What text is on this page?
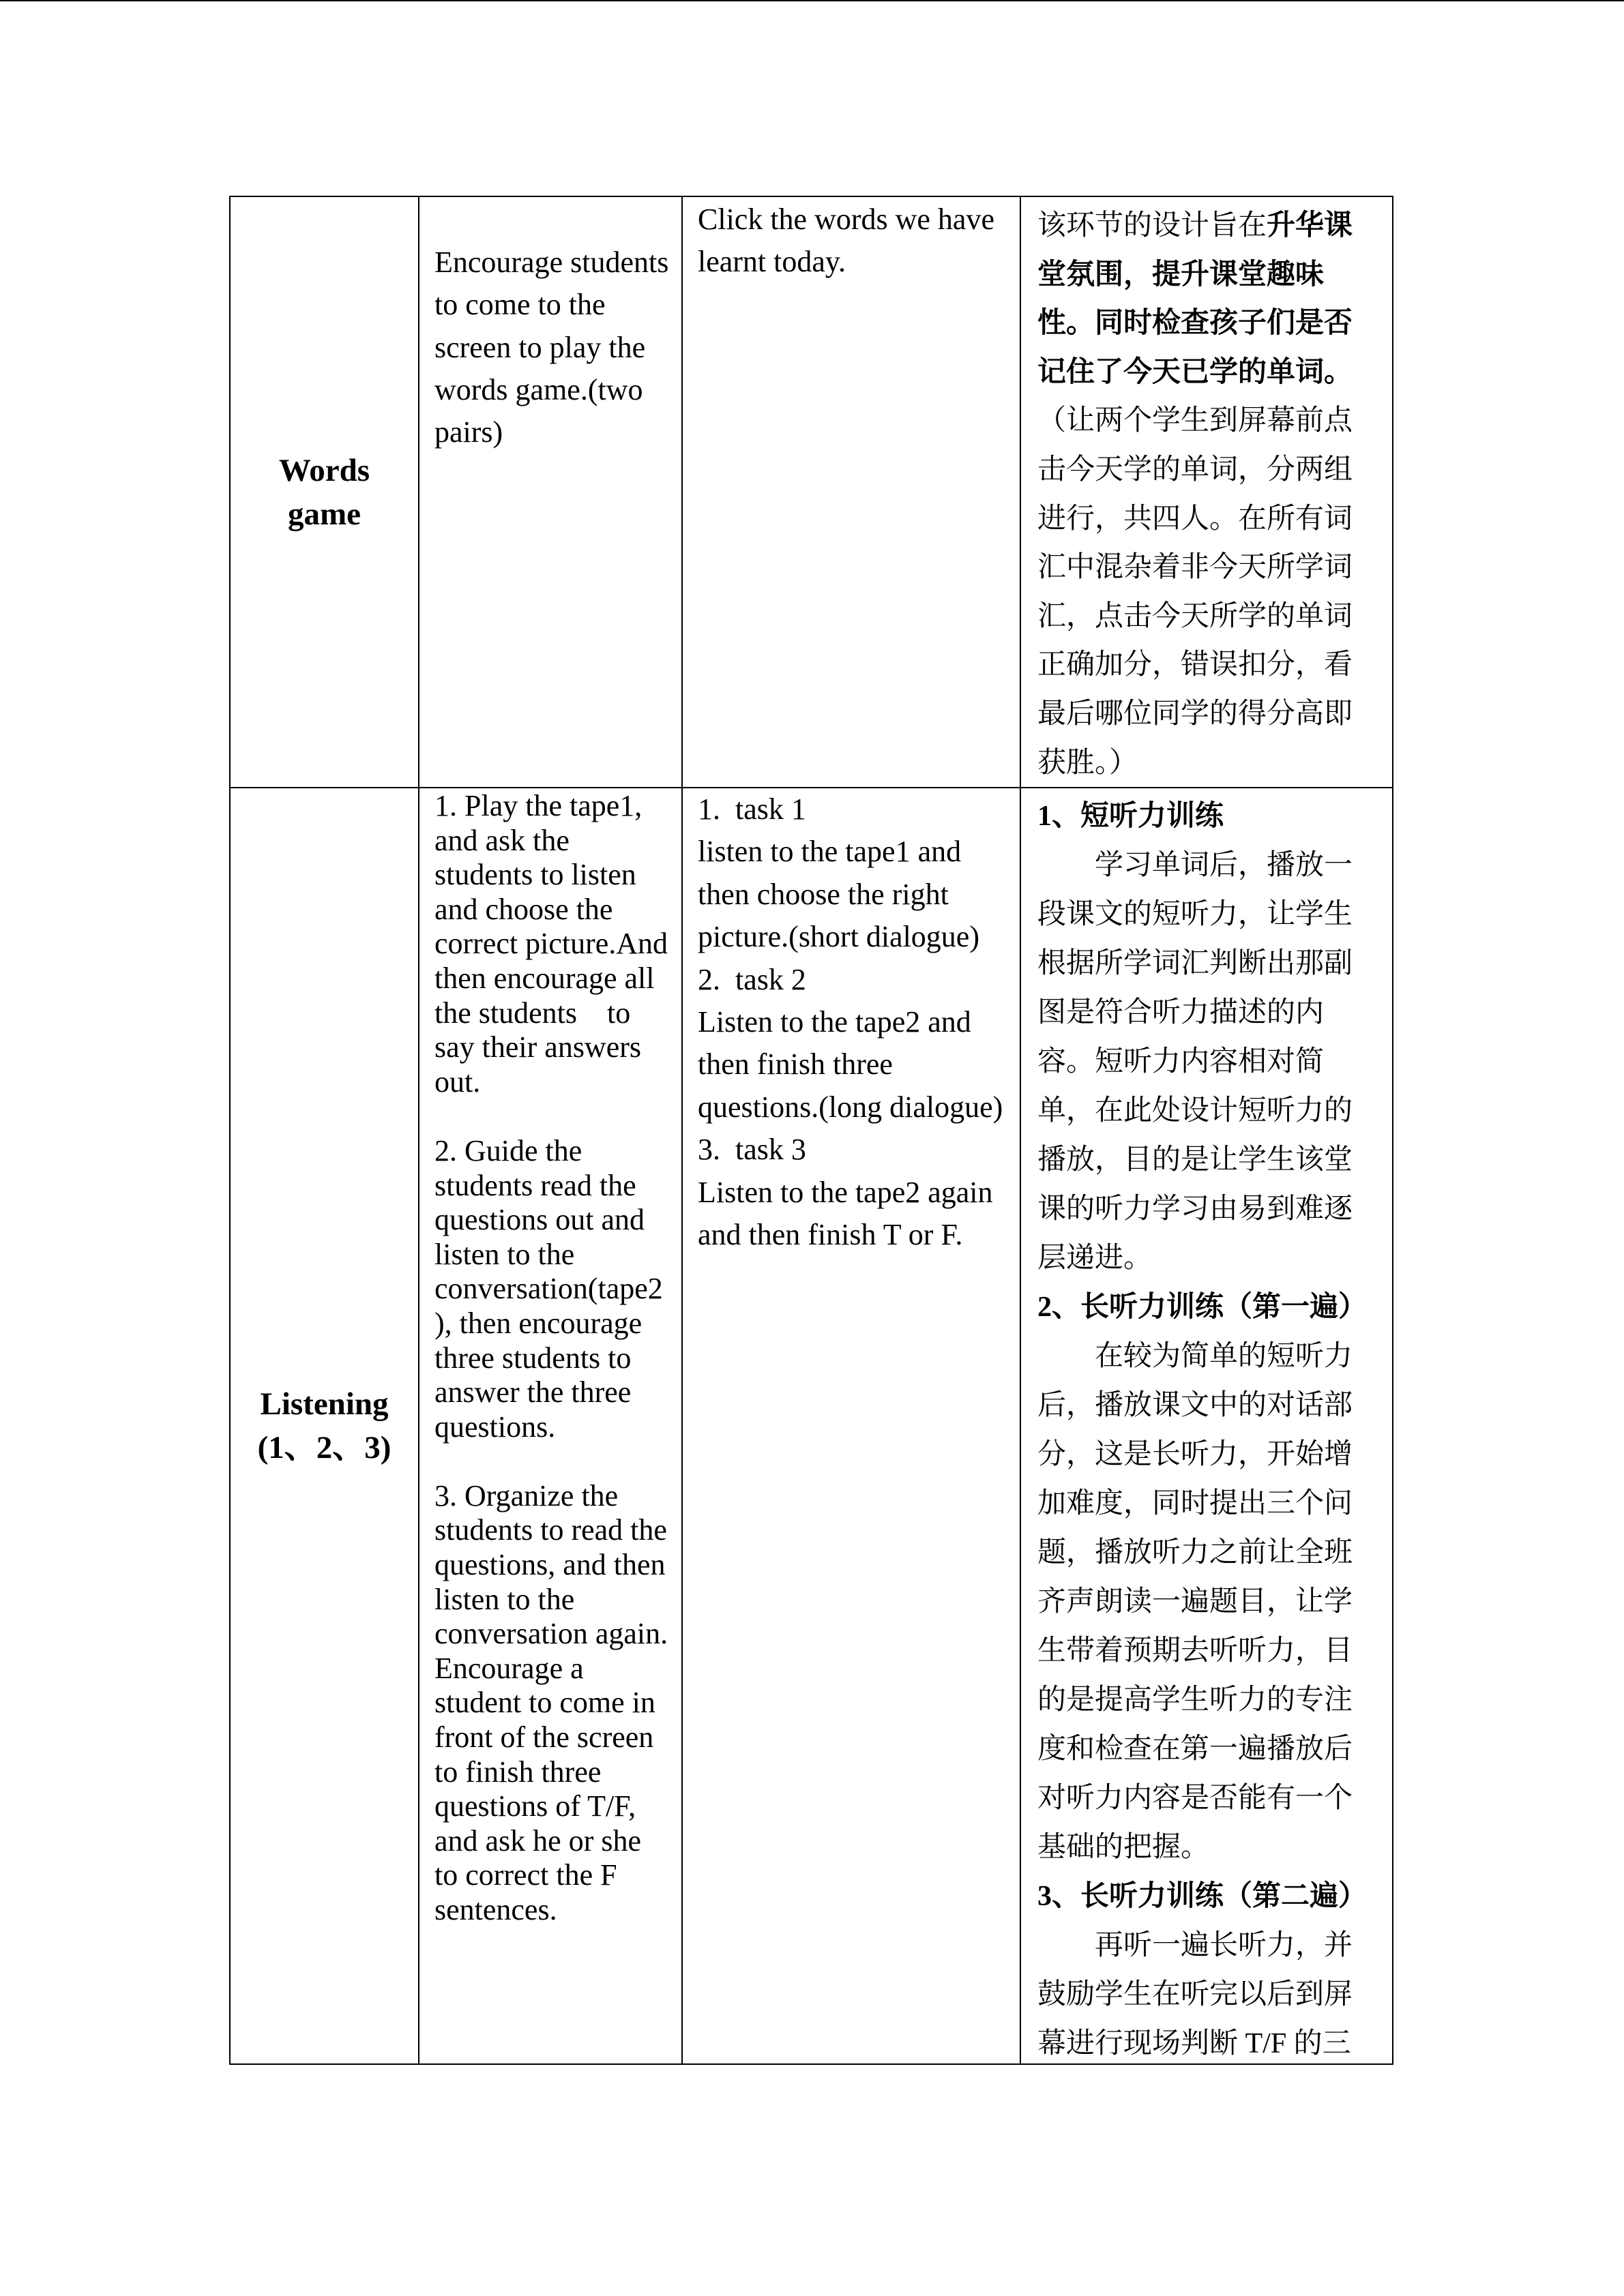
Words
game
Encourage students
to come to the
screen to play the
words game.(two
pairs)
Click the words we have
learnt today.
该环节的设计旨在升华课
堂氛围，提升课堂趣味
性。同时检查孩子们是否
记住了今天已学的单词。
（让两个学生到屏幕前点
击今天学的单词，分两组
进行，共四人。在所有词
汇中混杂着非今天所学词
汇，点击今天所学的单词
正确加分，错误扣分，看
最后哪位同学的得分高即
获胜。）
Listening
(1、2、3)
1. Play the tape1,
and ask the
students to listen
and choose the
correct picture.And
then encourage all
the students    to
say their answers
out.
2. Guide the
students read the
questions out and
listen to the
conversation(tape2
), then encourage
three students to
answer the three
questions.
3. Organize the
students to read the
questions, and then
listen to the
conversation again.
Encourage a
student to come in
front of the screen
to finish three
questions of T/F,
and ask he or she
to correct the F
sentences.
1.  task 1
listen to the tape1 and
then choose the right
picture.(short dialogue)
2.  task 2
Listen to the tape2 and
then finish three
questions.(long dialogue)
3.  task 3
Listen to the tape2 again
and then finish T or F.
1、短听力训练
　　学习单词后，播放一
段课文的短听力，让学生
根据所学词汇判断出那副
图是符合听力描述的内
容。短听力内容相对简
单，在此处设计短听力的
播放，目的是让学生该堂
课的听力学习由易到难逐
层递进。
2、长听力训练（第一遍）
　　在较为简单的短听力
后，播放课文中的对话部
分，这是长听力，开始增
加难度，同时提出三个问
题，播放听力之前让全班
齐声朗读一遍题目，让学
生带着预期去听听力，目
的是提高学生听力的专注
度和检查在第一遍播放后
对听力内容是否能有一个
基础的把握。
3、长听力训练（第二遍）
　　再听一遍长听力，并
鼓励学生在听完以后到屏
幕进行现场判断 T/F 的三
